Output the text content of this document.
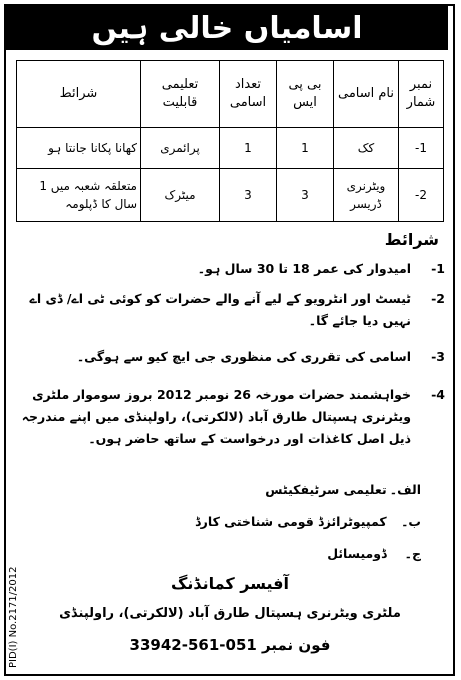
اسامیاں خالی ہیں
نمبر شمار	نام اسامی	بی پی ایس	تعداد اسامی	تعلیمی قابلیت	شرائط
1-	کک	1	1	پرائمری	کھانا پکانا جانتا ہو
2-	ویٹرنری ڈریسر	3	3	میٹرک	متعلقہ شعبہ میں 1 سال کا ڈپلومہ
شرائط
1-
امیدوار کی عمر 18 تا 30 سال ہو۔
2-
ٹیسٹ اور انٹرویو کے لیے آنے والے حضرات کو کوئی ٹی اے/ ڈی اے نہیں دیا جائے گا۔
3-
اسامی کی تقرری کی منظوری جی ایچ کیو سے ہوگی۔
4-
خواہشمند حضرات مورخہ 26 نومبر 2012 بروز سوموار ملٹری ویٹرنری ہسپتال طارق آباد (لالکرتی)، راولپنڈی میں اپنے مندرجہ ذیل اصل کاغذات اور درخواست کے ساتھ حاضر ہوں۔
الف۔ تعلیمی سرٹیفکیٹس
ب۔ کمپیوٹرائزڈ قومی شناختی کارڈ
ج۔ ڈومیسائل
آفیسر کمانڈنگ
ملٹری ویٹرنری ہسپتال طارق آباد (لالکرتی)، راولپنڈی
فون نمبر 051-561-33942
PID(I) No.2171/2012
